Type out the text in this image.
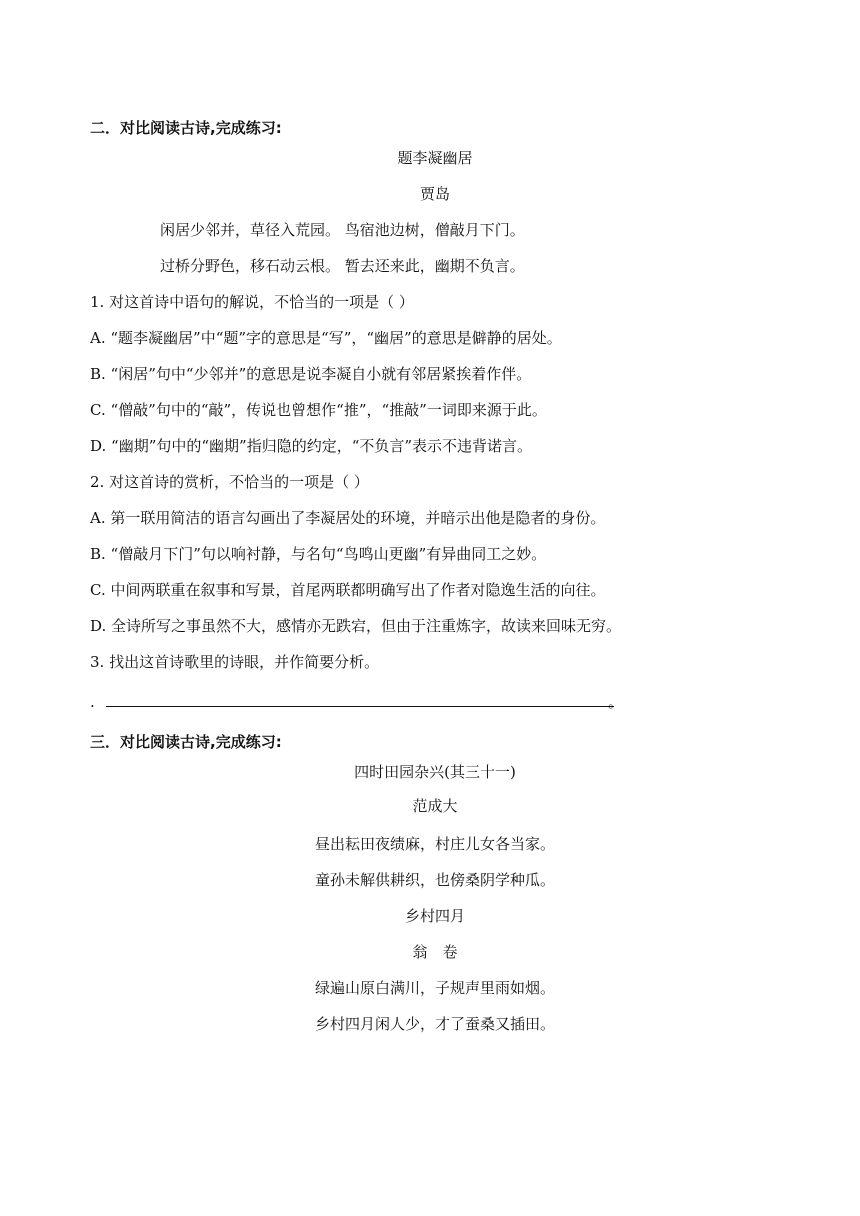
二．对比阅读古诗,完成练习:
题李凝幽居
贾岛
闲居少邻并，草径入荒园。 鸟宿池边树，僧敲月下门。
过桥分野色，移石动云根。 暂去还来此，幽期不负言。
1. 对这首诗中语句的解说，不恰当的一项是（ ）
A. “题李凝幽居”中“题”字的意思是“写”，“幽居”的意思是僻静的居处。
B. “闲居”句中“少邻并”的意思是说李凝自小就有邻居紧挨着作伴。
C. “僧敲”句中的“敲”，传说也曾想作“推”，“推敲”一词即来源于此。
D. “幽期”句中的“幽期”指归隐的约定，“不负言”表示不违背诺言。
2. 对这首诗的赏析，不恰当的一项是（ ）
A. 第一联用简洁的语言勾画出了李凝居处的环境，并暗示出他是隐者的身份。
B. “僧敲月下门”句以响衬静，与名句“鸟鸣山更幽”有异曲同工之妙。
C. 中间两联重在叙事和写景，首尾两联都明确写出了作者对隐逸生活的向往。
D. 全诗所写之事虽然不大，感情亦无跌宕，但由于注重炼字，故读来回味无穷。
3. 找出这首诗歌里的诗眼，并作简要分析。
.	。
三．对比阅读古诗,完成练习:
四时田园杂兴(其三十一)
范成大
昼出耘田夜绩麻，村庄儿女各当家。
童孙未解供耕织，也傍桑阴学种瓜。
乡村四月
翁　卷
绿遍山原白满川，子规声里雨如烟。
乡村四月闲人少，才了蚕桑又插田。
